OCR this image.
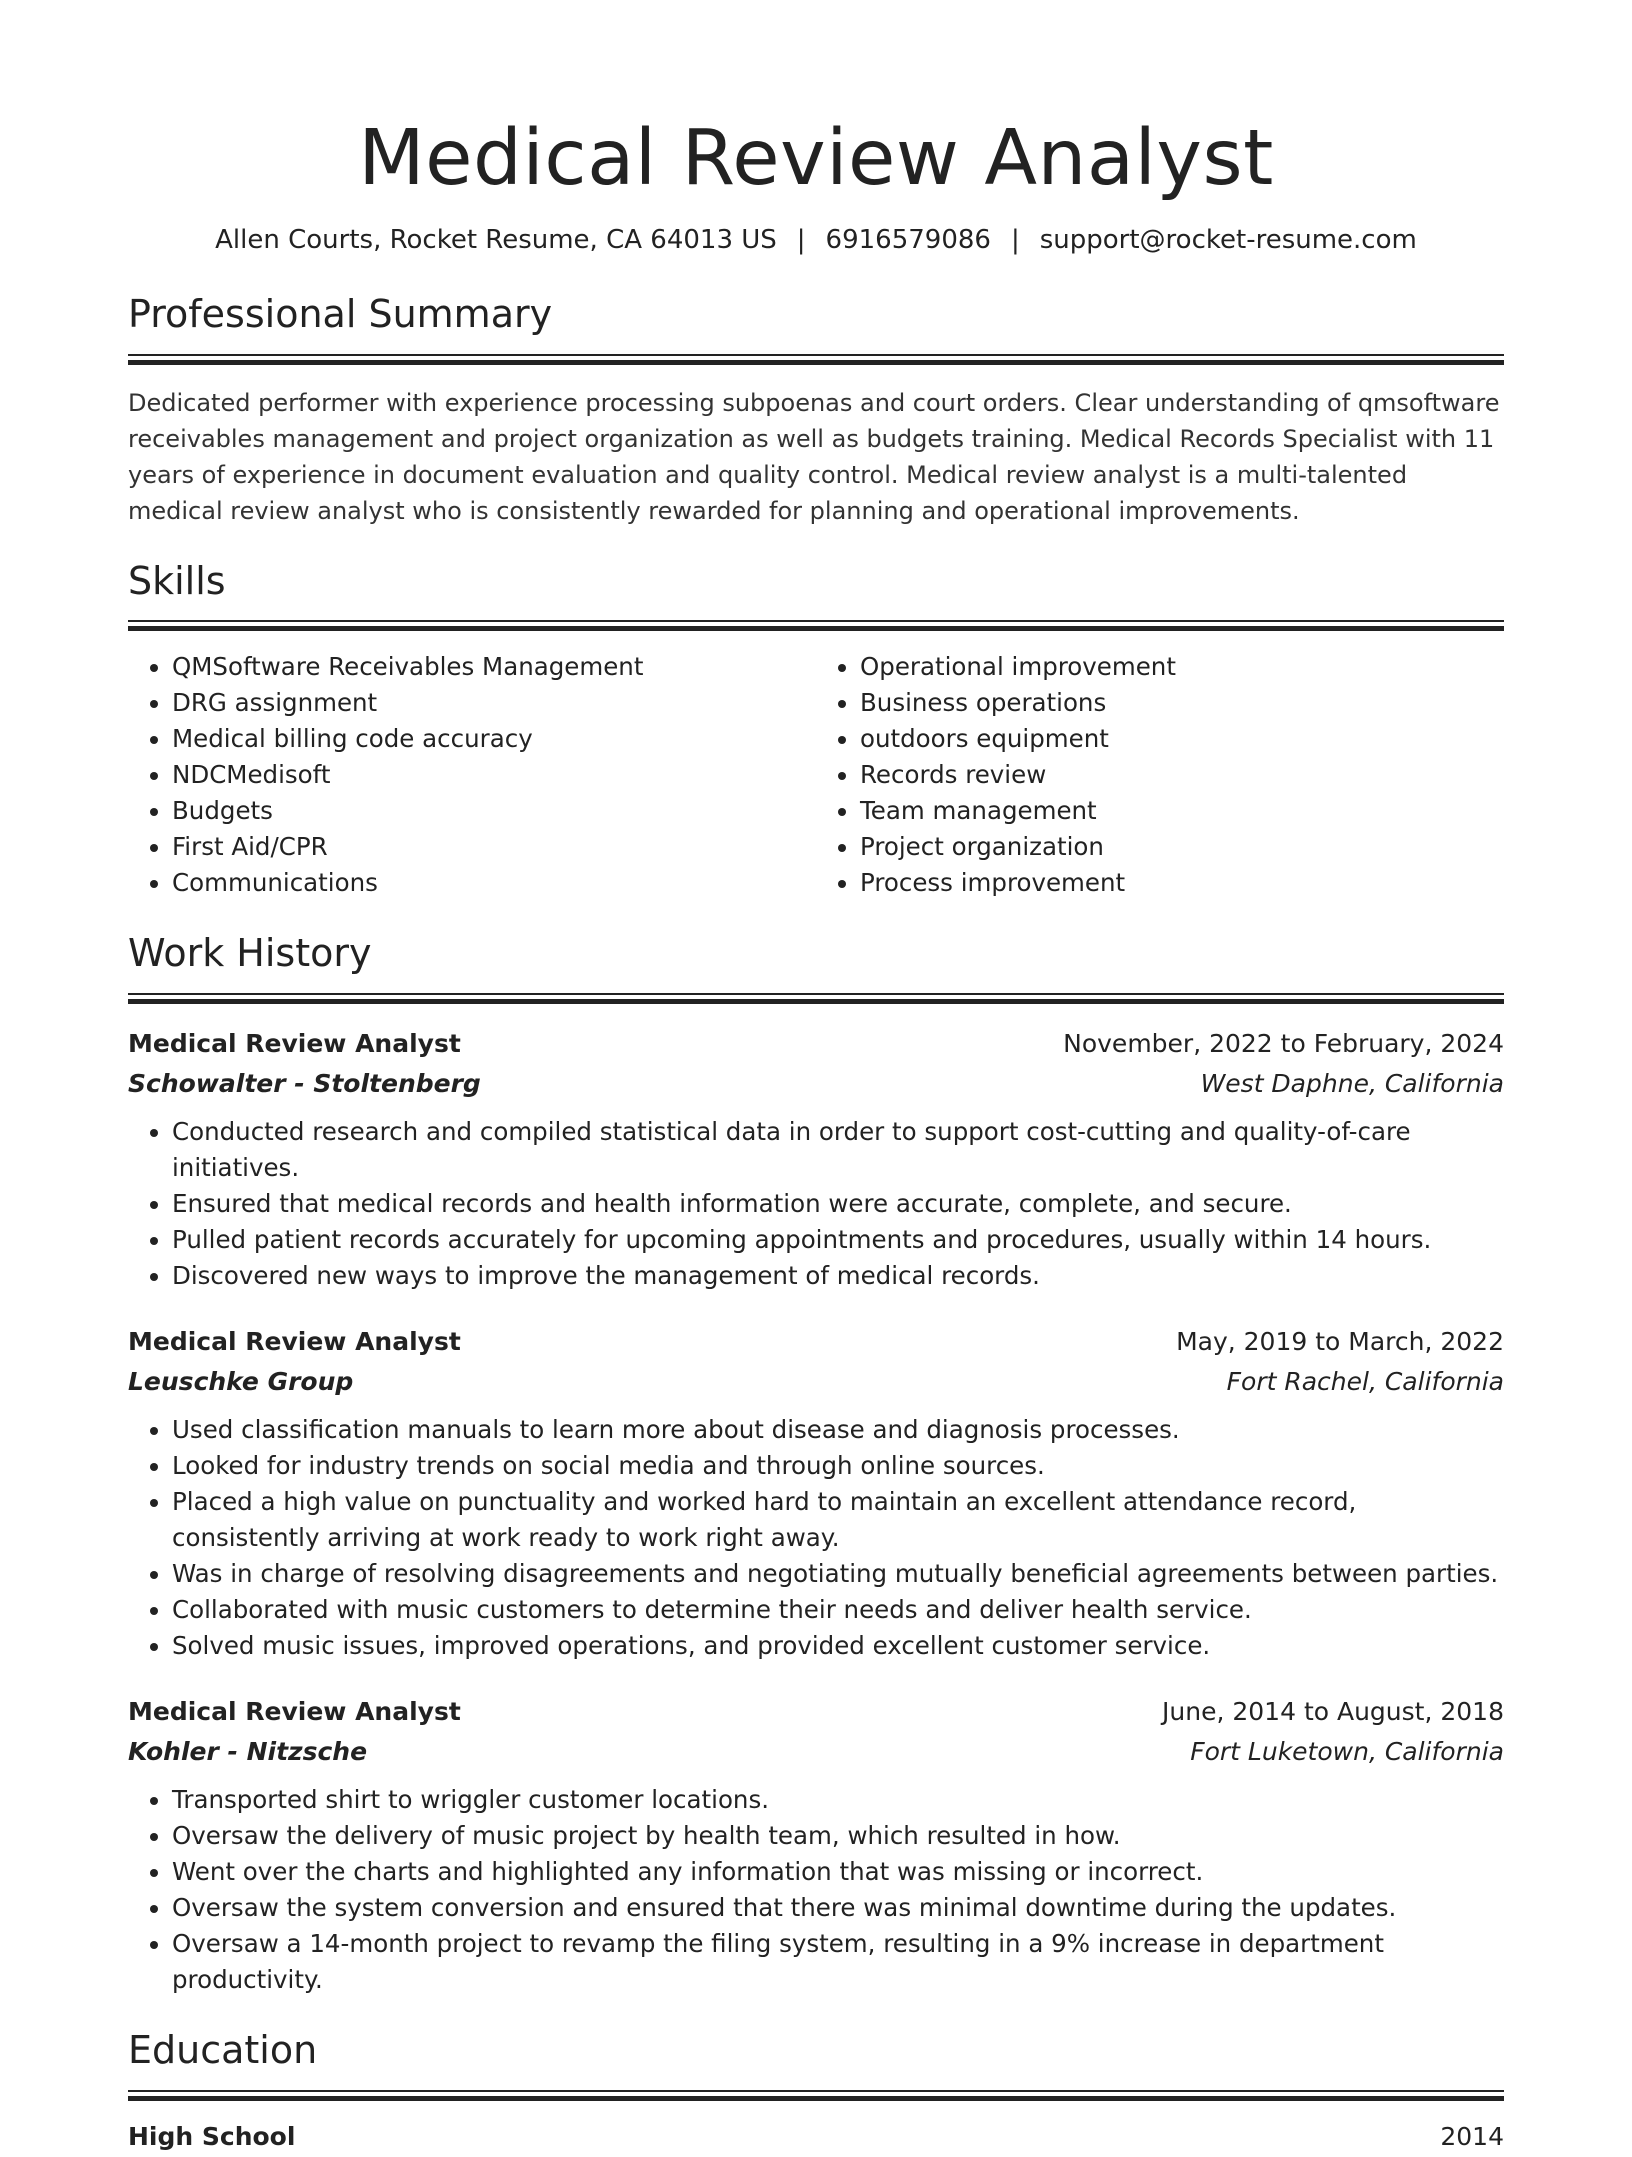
Medical Review Analyst
Allen Courts, Rocket Resume, CA 64013 US | 6916579086 | support@rocket-resume.com
Professional Summary
Dedicated performer with experience processing subpoenas and court orders. Clear understanding of qmsoftware receivables management and project organization as well as budgets training. Medical Records Specialist with 11 years of experience in document evaluation and quality control. Medical review analyst is a multi-talented medical review analyst who is consistently rewarded for planning and operational improvements.
Skills
• QMSoftware Receivables Management
• DRG assignment
• Medical billing code accuracy
• NDCMedisoft
• Budgets
• First Aid/CPR
• Communications
• Operational improvement
• Business operations
• outdoors equipment
• Records review
• Team management
• Project organization
• Process improvement
Work History
Medical Review Analyst	November, 2022 to February, 2024
Schowalter - Stoltenberg	West Daphne, California
• Conducted research and compiled statistical data in order to support cost-cutting and quality-of-care initiatives.
• Ensured that medical records and health information were accurate, complete, and secure.
• Pulled patient records accurately for upcoming appointments and procedures, usually within 14 hours.
• Discovered new ways to improve the management of medical records.
Medical Review Analyst	May, 2019 to March, 2022
Leuschke Group	Fort Rachel, California
• Used classification manuals to learn more about disease and diagnosis processes.
• Looked for industry trends on social media and through online sources.
• Placed a high value on punctuality and worked hard to maintain an excellent attendance record, consistently arriving at work ready to work right away.
• Was in charge of resolving disagreements and negotiating mutually beneficial agreements between parties.
• Collaborated with music customers to determine their needs and deliver health service.
• Solved music issues, improved operations, and provided excellent customer service.
Medical Review Analyst	June, 2014 to August, 2018
Kohler - Nitzsche	Fort Luketown, California
• Transported shirt to wriggler customer locations.
• Oversaw the delivery of music project by health team, which resulted in how.
• Went over the charts and highlighted any information that was missing or incorrect.
• Oversaw the system conversion and ensured that there was minimal downtime during the updates.
• Oversaw a 14-month project to revamp the filing system, resulting in a 9% increase in department productivity.
Education
High School	2014
